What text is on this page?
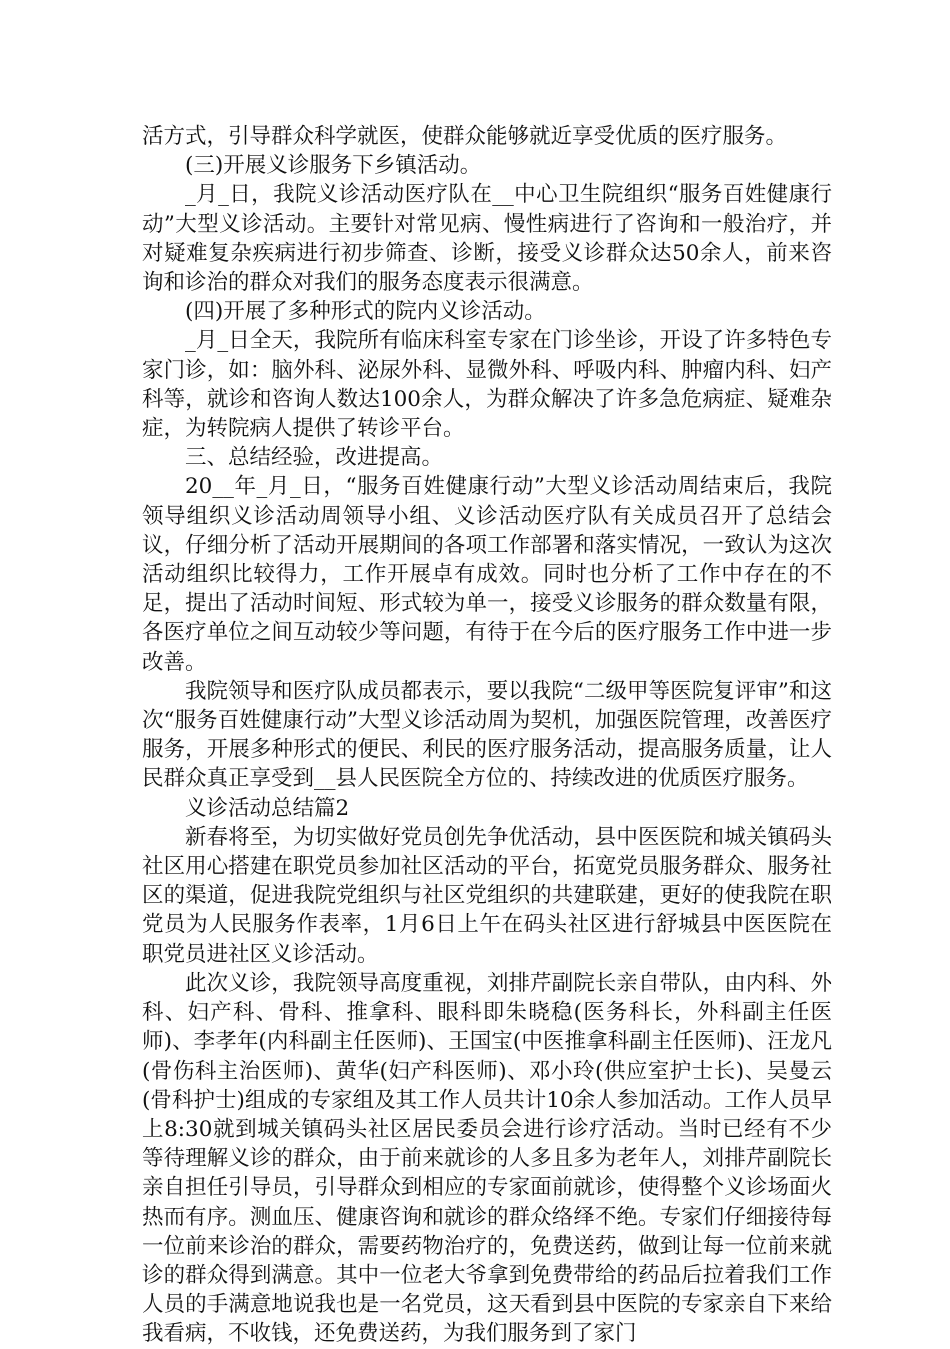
活方式，引导群众科学就医，使群众能够就近享受优质的医疗服务。

(三)开展义诊服务下乡镇活动。

_月_日，我院义诊活动医疗队在__中心卫生院组织“服务百姓健康行动”大型义诊活动。主要针对常见病、慢性病进行了咨询和一般治疗，并对疑难复杂疾病进行初步筛查、诊断，接受义诊群众达50余人，前来咨询和诊治的群众对我们的服务态度表示很满意。

(四)开展了多种形式的院内义诊活动。

_月_日全天，我院所有临床科室专家在门诊坐诊，开设了许多特色专家门诊，如：脑外科、泌尿外科、显微外科、呼吸内科、肿瘤内科、妇产科等，就诊和咨询人数达100余人，为群众解决了许多急危病症、疑难杂症，为转院病人提供了转诊平台。

三、总结经验，改进提高。

20__年_月_日，“服务百姓健康行动”大型义诊活动周结束后，我院领导组织义诊活动周领导小组、义诊活动医疗队有关成员召开了总结会议，仔细分析了活动开展期间的各项工作部署和落实情况，一致认为这次活动组织比较得力，工作开展卓有成效。同时也分析了工作中存在的不足，提出了活动时间短、形式较为单一，接受义诊服务的群众数量有限，各医疗单位之间互动较少等问题，有待于在今后的医疗服务工作中进一步改善。

我院领导和医疗队成员都表示，要以我院“二级甲等医院复评审”和这次“服务百姓健康行动”大型义诊活动周为契机，加强医院管理，改善医疗服务，开展多种形式的便民、利民的医疗服务活动，提高服务质量，让人民群众真正享受到__县人民医院全方位的、持续改进的优质医疗服务。

义诊活动总结篇2

新春将至，为切实做好党员创先争优活动，县中医医院和城关镇码头社区用心搭建在职党员参加社区活动的平台，拓宽党员服务群众、服务社区的渠道，促进我院党组织与社区党组织的共建联建，更好的使我院在职党员为人民服务作表率，1月6日上午在码头社区进行舒城县中医医院在职党员进社区义诊活动。

此次义诊，我院领导高度重视，刘排芹副院长亲自带队，由内科、外科、妇产科、骨科、推拿科、眼科即朱晓稳(医务科长，外科副主任医师)、李孝年(内科副主任医师)、王国宝(中医推拿科副主任医师)、汪龙凡(骨伤科主治医师)、黄华(妇产科医师)、邓小玲(供应室护士长)、吴曼云(骨科护士)组成的专家组及其工作人员共计10余人参加活动。工作人员早上8:30就到城关镇码头社区居民委员会进行诊疗活动。当时已经有不少等待理解义诊的群众，由于前来就诊的人多且多为老年人，刘排芹副院长亲自担任引导员，引导群众到相应的专家面前就诊，使得整个义诊场面火热而有序。测血压、健康咨询和就诊的群众络绎不绝。专家们仔细接待每一位前来诊治的群众，需要药物治疗的，免费送药，做到让每一位前来就诊的群众得到满意。其中一位老大爷拿到免费带给的药品后拉着我们工作人员的手满意地说我也是一名党员，这天看到县中医院的专家亲自下来给我看病，不收钱，还免费送药，为我们服务到了家门
